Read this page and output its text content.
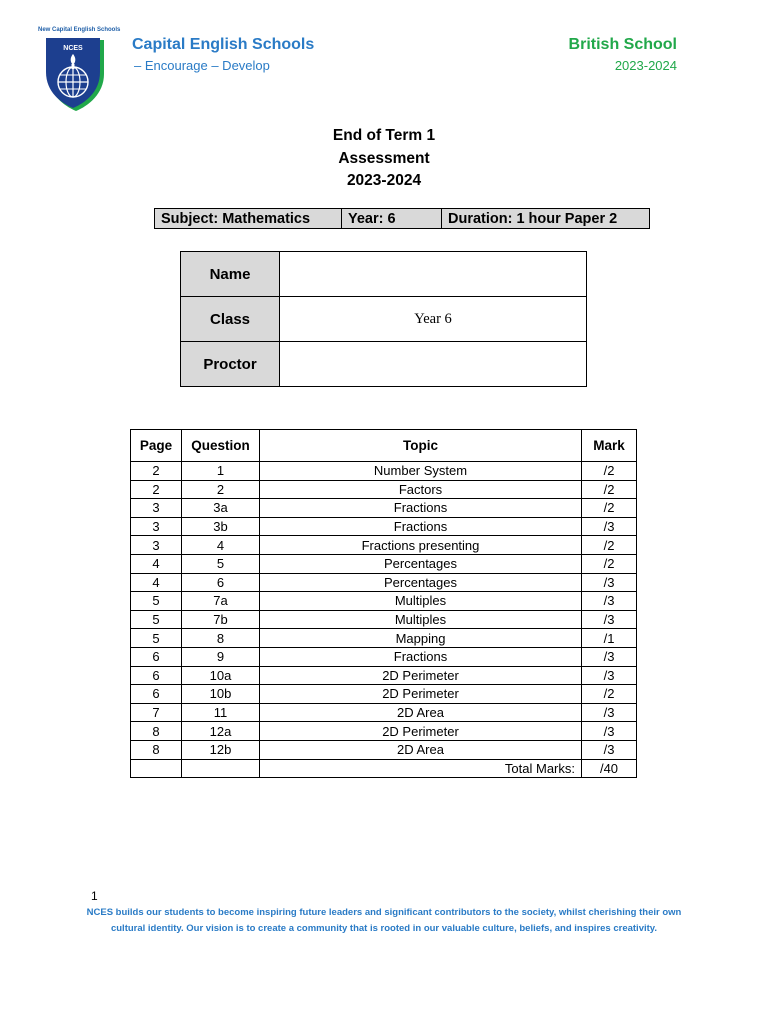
New Capital English Schools
NCES	Capital English Schools
– Encourage – Develop
British School
2023-2024
End of Term 1
Assessment
2023-2024
Subject: Mathematics	Year: 6	Duration: 1 hour Paper 2
Name	
Class	Year 6
Proctor	
Page	Question	Topic	Mark
2	1	Number System	/2
2	2	Factors	/2
3	3a	Fractions	/2
3	3b	Fractions	/3
3	4	Fractions presenting	/2
4	5	Percentages	/2
4	6	Percentages	/3
5	7a	Multiples	/3
5	7b	Multiples	/3
5	8	Mapping	/1
6	9	Fractions	/3
6	10a	2D Perimeter	/3
6	10b	2D Perimeter	/2
7	11	2D Area	/3
8	12a	2D Perimeter	/3
8	12b	2D Area	/3
		Total Marks:	/40
1
NCES builds our students to become inspiring future leaders and significant contributors to the society, whilst cherishing their own cultural identity. Our vision is to create a community that is rooted in our valuable culture, beliefs, and inspires creativity.
